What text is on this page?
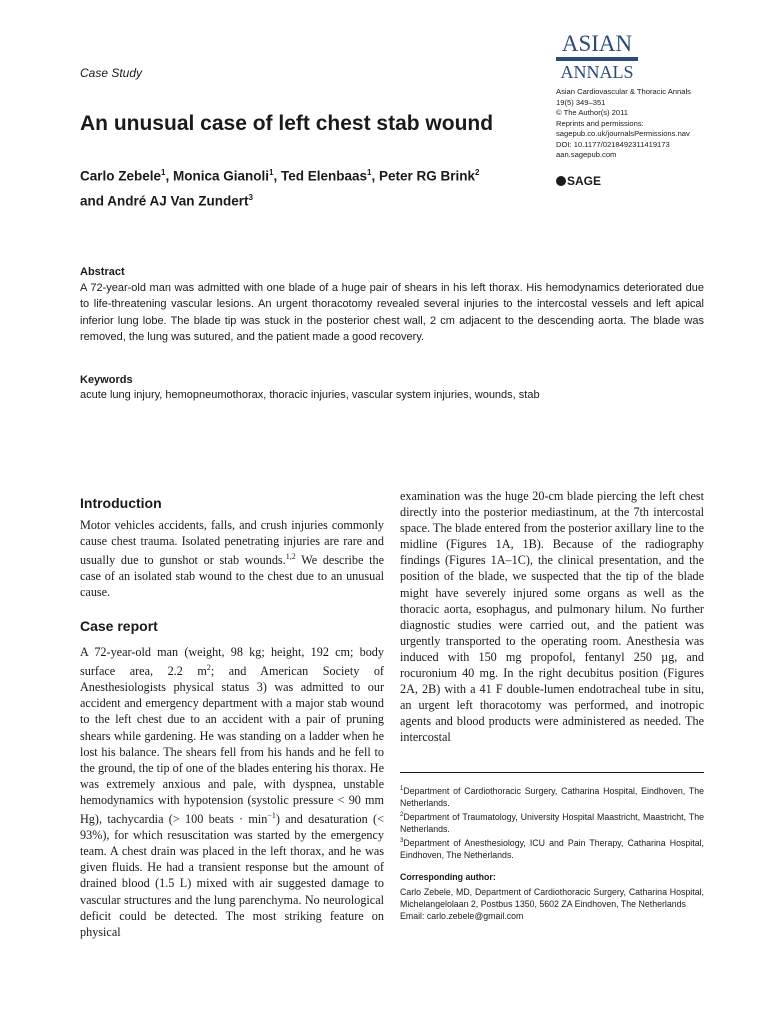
Case Study
An unusual case of left chest stab wound
Carlo Zebele$^1$, Monica Gianoli$^1$, Ted Elenbaas$^1$, Peter RG Brink$^2$
and André AJ Van Zundert$^3$
ASIAN
ANNALS
Asian Cardiovascular & Thoracic Annals
19(5) 349–351
© The Author(s) 2011
Reprints and permissions:
sagepub.co.uk/journalsPermissions.nav
DOI: 10.1177/0218492311419173
aan.sagepub.com
SAGE
Abstract
A 72-year-old man was admitted with one blade of a huge pair of shears in his left thorax. His hemodynamics deteriorated due to life-threatening vascular lesions. An urgent thoracotomy revealed several injuries to the intercostal vessels and left apical inferior lung lobe. The blade tip was stuck in the posterior chest wall, 2 cm adjacent to the descending aorta. The blade was removed, the lung was sutured, and the patient made a good recovery.
Keywords
acute lung injury, hemopneumothorax, thoracic injuries, vascular system injuries, wounds, stab
Introduction

Motor vehicles accidents, falls, and crush injuries commonly cause chest trauma. Isolated penetrating injuries are rare and usually due to gunshot or stab wounds.$^{1,2}$ We describe the case of an isolated stab wound to the chest due to an unusual cause.

Case report

A 72-year-old man (weight, 98 kg; height, 192 cm; body surface area, 2.2 $m^2$; and American Society of Anesthesiologists physical status 3) was admitted to our accident and emergency department with a major stab wound to the left chest due to an accident with a pair of pruning shears while gardening. He was standing on a ladder when he lost his balance. The shears fell from his hands and he fell to the ground, the tip of one of the blades entering his thorax. He was extremely anxious and pale, with dyspnea, unstable hemodynamics with hypotension (systolic pressure < 90 mm Hg), tachycardia (> 100 beats · $\min^{-1}$) and desaturation (< 93%), for which resuscitation was started by the emergency team. A chest drain was placed in the left thorax, and he was given fluids. He had a transient response but the amount of drained blood (1.5 L) mixed with air suggested damage to vascular structures and the lung parenchyma. No neurological deficit could be detected. The most striking feature on physical

examination was the huge 20-cm blade piercing the left chest directly into the posterior mediastinum, at the 7th intercostal space. The blade entered from the posterior axillary line to the midline (Figures 1A, 1B). Because of the radiography findings (Figures 1A–1C), the clinical presentation, and the position of the blade, we suspected that the tip of the blade might have severely injured some organs as well as the thoracic aorta, esophagus, and pulmonary hilum. No further diagnostic studies were carried out, and the patient was urgently transported to the operating room. Anesthesia was induced with 150 mg propofol, fentanyl 250 µg, and rocuronium 40 mg. In the right decubitus position (Figures 2A, 2B) with a 41 F double-lumen endotracheal tube in situ, an urgent left thoracotomy was performed, and inotropic agents and blood products were administered as needed. The intercostal

$^1$Department of Cardiothoracic Surgery, Catharina Hospital, Eindhoven, The Netherlands.

$^2$Department of Traumatology, University Hospital Maastricht, Maastricht, The Netherlands.

$^3$Department of Anesthesiology, ICU and Pain Therapy, Catharina Hospital, Eindhoven, The Netherlands.

Corresponding author:
Carlo Zebele, MD, Department of Cardiothoracic Surgery, Catharina Hospital, Michelangelolaan 2, Postbus 1350, 5602 ZA Eindhoven, The Netherlands
Email: carlo.zebele@gmail.com
